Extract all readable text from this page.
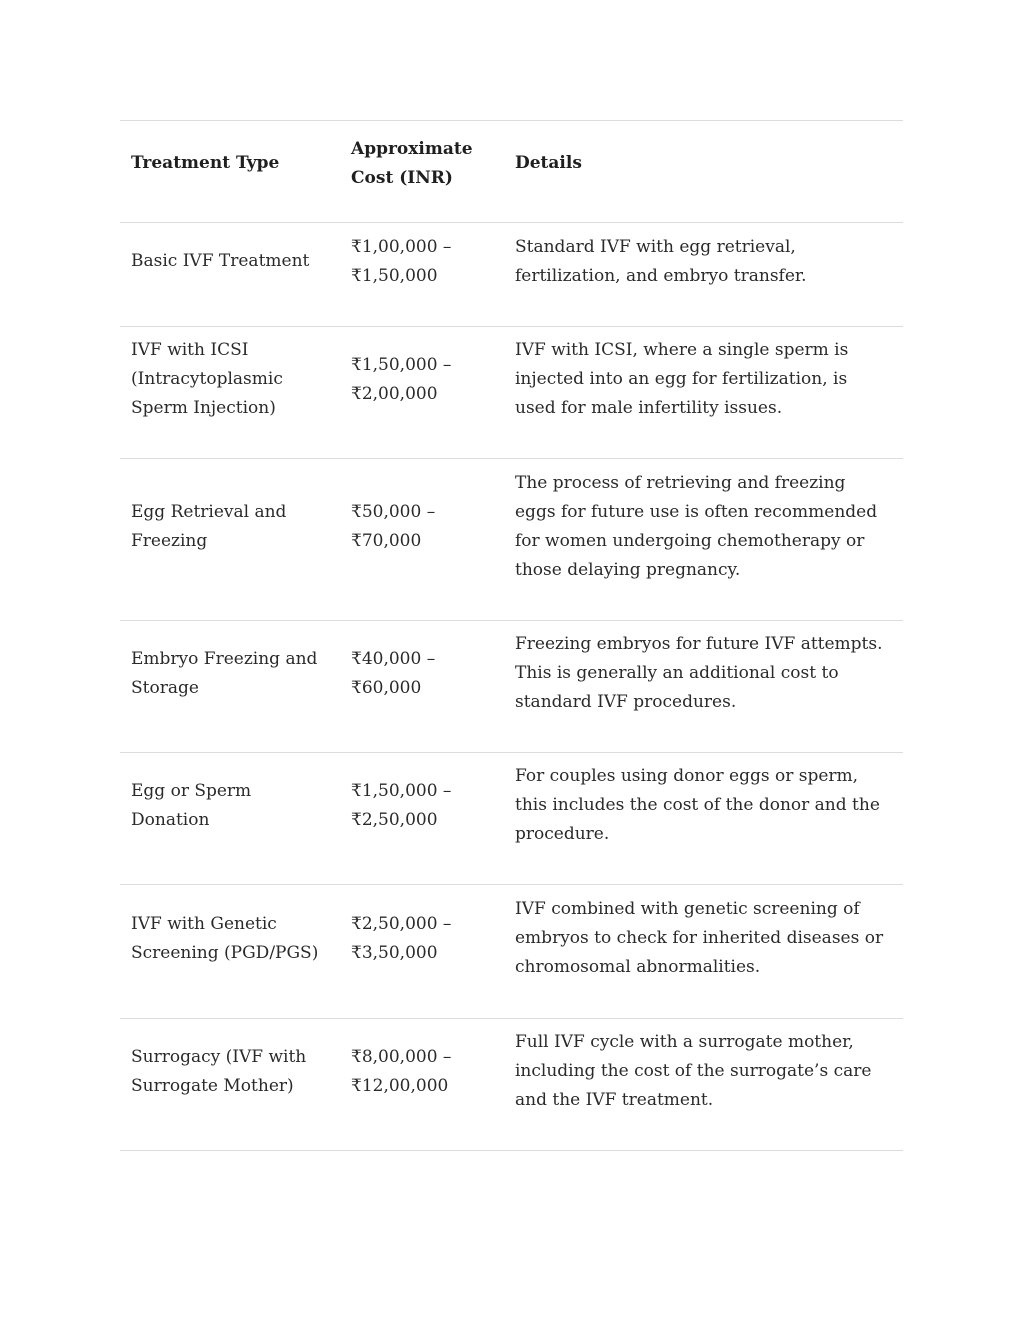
Treatment Type	Approximate Cost (INR)	Details
Basic IVF Treatment	₹1,00,000 – ₹1,50,000	Standard IVF with egg retrieval, fertilization, and embryo transfer.
IVF with ICSI (Intracytoplasmic Sperm Injection)	₹1,50,000 – ₹2,00,000	IVF with ICSI, where a single sperm is injected into an egg for fertilization, is used for male infertility issues.
Egg Retrieval and Freezing	₹50,000 – ₹70,000	The process of retrieving and freezing eggs for future use is often recommended for women undergoing chemotherapy or those delaying pregnancy.
Embryo Freezing and Storage	₹40,000 – ₹60,000	Freezing embryos for future IVF attempts. This is generally an additional cost to standard IVF procedures.
Egg or Sperm Donation	₹1,50,000 – ₹2,50,000	For couples using donor eggs or sperm, this includes the cost of the donor and the procedure.
IVF with Genetic Screening (PGD/PGS)	₹2,50,000 – ₹3,50,000	IVF combined with genetic screening of embryos to check for inherited diseases or chromosomal abnormalities.
Surrogacy (IVF with Surrogate Mother)	₹8,00,000 – ₹12,00,000	Full IVF cycle with a surrogate mother, including the cost of the surrogate’s care and the IVF treatment.
